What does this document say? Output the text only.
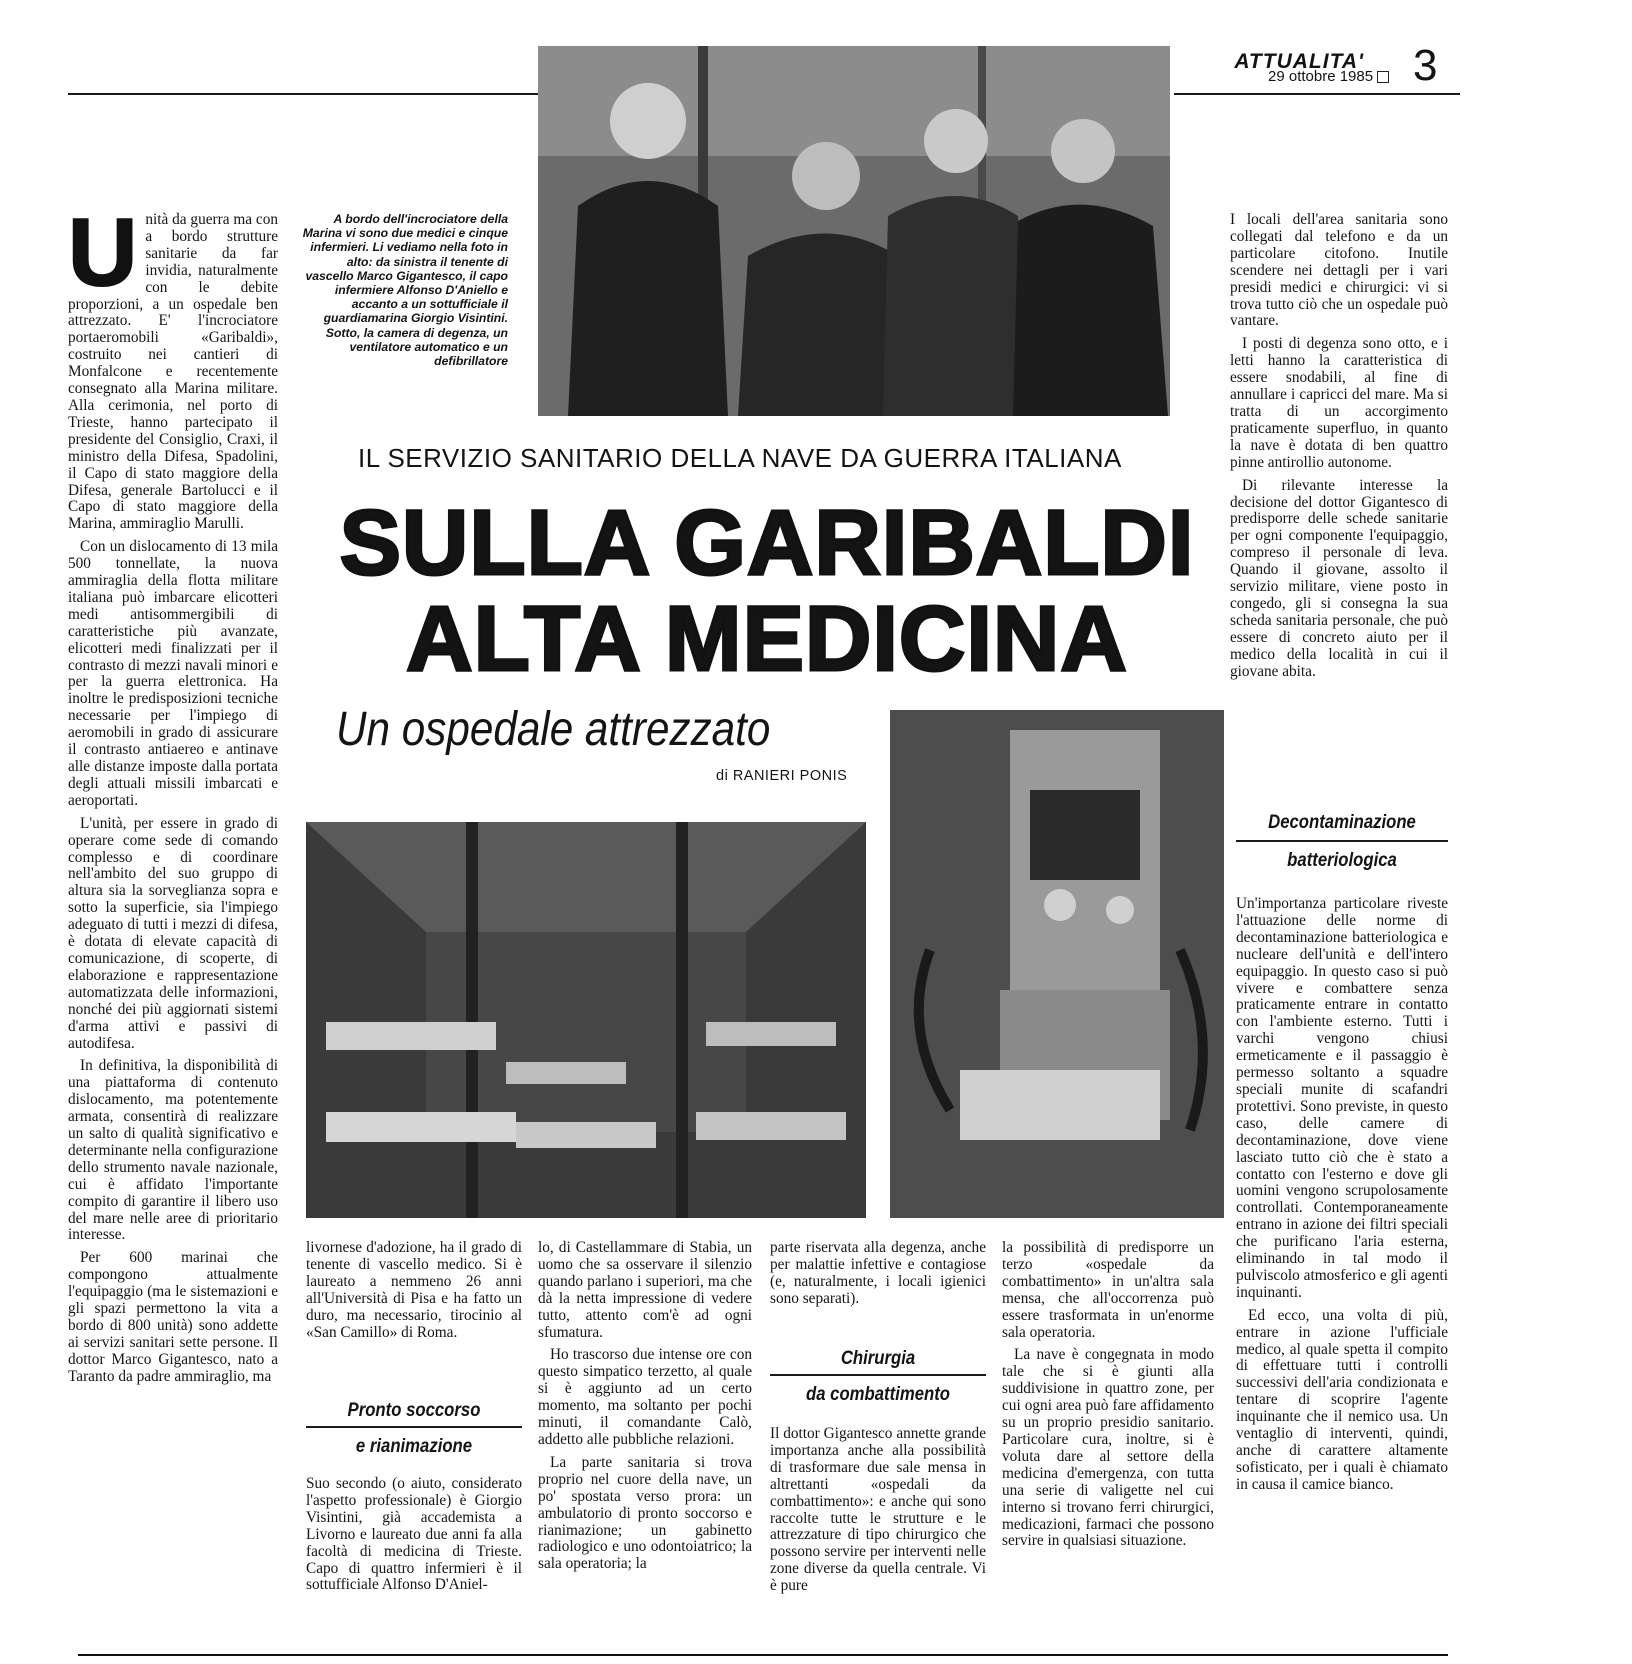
ATTUALITA'
29 ottobre 1985 3
A bordo dell'incrociatore della Marina vi sono due medici e cinque infermieri. Li vediamo nella foto in alto: da sinistra il tenente di vascello Marco Gigantesco, il capo infermiere Alfonso D'Aniello e accanto a un sottufficiale il guardiamarina Giorgio Visintini. Sotto, la camera di degenza, un ventilatore automatico e un defibrillatore
IL SERVIZIO SANITARIO DELLA NAVE DA GUERRA ITALIANA
SULLA GARIBALDI
ALTA MEDICINA
Un ospedale attrezzato
di RANIERI PONIS

Unità da guerra ma con a bordo strutture sanitarie da far invidia, naturalmente con le debite proporzioni, a un ospedale ben attrezzato. E' l'incrociatore portaeromobili «Garibaldi», costruito nei cantieri di Monfalcone e recentemente consegnato alla Marina militare. Alla cerimonia, nel porto di Trieste, hanno partecipato il presidente del Consiglio, Craxi, il ministro della Difesa, Spadolini, il Capo di stato maggiore della Difesa, generale Bartolucci e il Capo di stato maggiore della Marina, ammiraglio Marulli.

Con un dislocamento di 13 mila 500 tonnellate, la nuova ammiraglia della flotta militare italiana può imbarcare elicotteri medi antisommergibili di caratteristiche più avanzate, elicotteri medi finalizzati per il contrasto di mezzi navali minori e per la guerra elettronica. Ha inoltre le predisposizioni tecniche necessarie per l'impiego di aeromobili in grado di assicurare il contrasto antiaereo e antinave alle distanze imposte dalla portata degli attuali missili imbarcati e aeroportati.

L'unità, per essere in grado di operare come sede di comando complesso e di coordinare nell'ambito del suo gruppo di altura sia la sorveglianza sopra e sotto la superficie, sia l'impiego adeguato di tutti i mezzi di difesa, è dotata di elevate capacità di comunicazione, di scoperte, di elaborazione e rappresentazione automatizzata delle informazioni, nonché dei più aggiornati sistemi d'arma attivi e passivi di autodifesa.

In definitiva, la disponibilità di una piattaforma di contenuto dislocamento, ma potentemente armata, consentirà di realizzare un salto di qualità significativo e determinante nella configurazione dello strumento navale nazionale, cui è affidato l'importante compito di garantire il libero uso del mare nelle aree di prioritario interesse.

Per 600 marinai che compongono attualmente l'equipaggio (ma le sistemazioni e gli spazi permettono la vita a bordo di 800 unità) sono addette ai servizi sanitari sette persone. Il dottor Marco Gigantesco, nato a Taranto da padre ammiraglio, ma

livornese d'adozione, ha il grado di tenente di vascello medico. Si è laureato a nemmeno 26 anni all'Università di Pisa e ha fatto un duro, ma necessario, tirocinio al «San Camillo» di Roma.

Pronto soccorso
e rianimazione

Suo secondo (o aiuto, considerato l'aspetto professionale) è Giorgio Visintini, già accademista a Livorno e laureato due anni fa alla facoltà di medicina di Trieste. Capo di quattro infermieri è il sottufficiale Alfonso D'Aniel-

lo, di Castellammare di Stabia, un uomo che sa osservare il silenzio quando parlano i superiori, ma che dà la netta impressione di vedere tutto, attento com'è ad ogni sfumatura.

Ho trascorso due intense ore con questo simpatico terzetto, al quale si è aggiunto ad un certo momento, ma soltanto per pochi minuti, il comandante Calò, addetto alle pubbliche relazioni.

La parte sanitaria si trova proprio nel cuore della nave, un po' spostata verso prora: un ambulatorio di pronto soccorso e rianimazione; un gabinetto radiologico e uno odontoiatrico; la sala operatoria; la

parte riservata alla degenza, anche per malattie infettive e contagiose (e, naturalmente, i locali igienici sono separati).

Chirurgia
da combattimento

Il dottor Gigantesco annette grande importanza anche alla possibilità di trasformare due sale mensa in altrettanti «ospedali da combattimento»: e anche qui sono raccolte tutte le strutture e le attrezzature di tipo chirurgico che possono servire per interventi nelle zone diverse da quella centrale. Vi è pure

la possibilità di predisporre un terzo «ospedale da combattimento» in un'altra sala mensa, che all'occorrenza può essere trasformata in un'enorme sala operatoria.

La nave è congegnata in modo tale che si è giunti alla suddivisione in quattro zone, per cui ogni area può fare affidamento su un proprio presidio sanitario. Particolare cura, inoltre, si è voluta dare al settore della medicina d'emergenza, con tutta una serie di valigette nel cui interno si trovano ferri chirurgici, medicazioni, farmaci che possono servire in qualsiasi situazione.

I locali dell'area sanitaria sono collegati dal telefono e da un particolare citofono. Inutile scendere nei dettagli per i vari presidi medici e chirurgici: vi si trova tutto ciò che un ospedale può vantare.

I posti di degenza sono otto, e i letti hanno la caratteristica di essere snodabili, al fine di annullare i capricci del mare. Ma si tratta di un accorgimento praticamente superfluo, in quanto la nave è dotata di ben quattro pinne antirollio autonome.

Di rilevante interesse la decisione del dottor Gigantesco di predisporre delle schede sanitarie per ogni componente l'equipaggio, compreso il personale di leva. Quando il giovane, assolto il servizio militare, viene posto in congedo, gli si consegna la sua scheda sanitaria personale, che può essere di concreto aiuto per il medico della località in cui il giovane abita.

Decontaminazione
batteriologica

Un'importanza particolare riveste l'attuazione delle norme di decontaminazione batteriologica e nucleare dell'unità e dell'intero equipaggio. In questo caso si può vivere e combattere senza praticamente entrare in contatto con l'ambiente esterno. Tutti i varchi vengono chiusi ermeticamente e il passaggio è permesso soltanto a squadre speciali munite di scafandri protettivi. Sono previste, in questo caso, delle camere di decontaminazione, dove viene lasciato tutto ciò che è stato a contatto con l'esterno e dove gli uomini vengono scrupolosamente controllati. Contemporaneamente entrano in azione dei filtri speciali che purificano l'aria esterna, eliminando in tal modo il pulviscolo atmosferico e gli agenti inquinanti.

Ed ecco, una volta di più, entrare in azione l'ufficiale medico, al quale spetta il compito di effettuare tutti i controlli successivi dell'aria condizionata e tentare di scoprire l'agente inquinante che il nemico usa. Un ventaglio di interventi, quindi, anche di carattere altamente sofisticato, per i quali è chiamato in causa il camice bianco.
